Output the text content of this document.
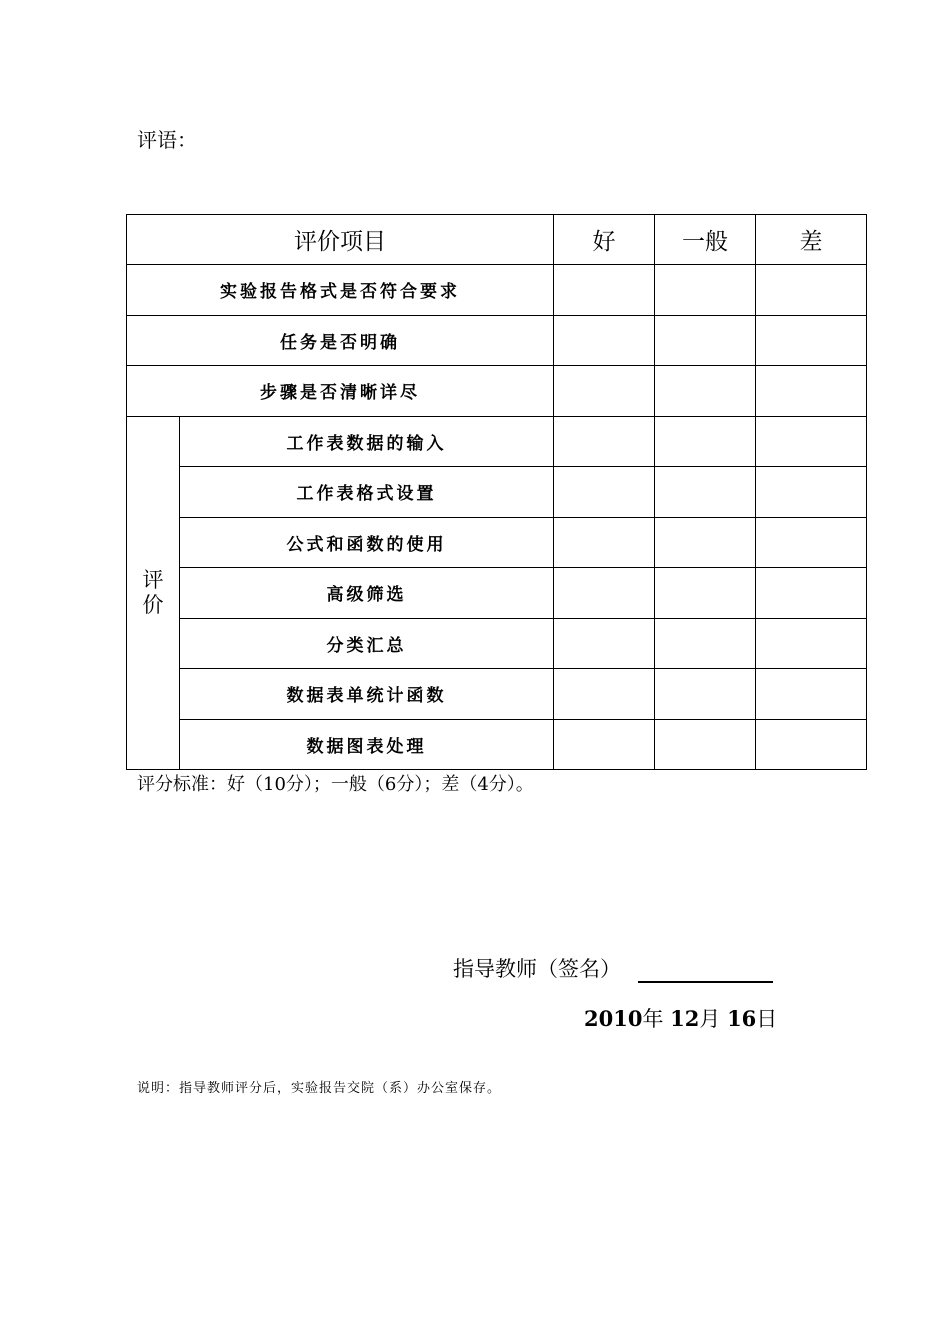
评语：
评价项目		好	一般	差
实验报告格式是否符合要求				
任务是否明确				
步骤是否清晰详尽				

评
价	工作表数据的输入			
	工作表格式设置			
	公式和函数的使用			
	高级筛选			
	分类汇总			
	数据表单统计函数			
	数据图表处理			
评分标准：好（10分）；一般（6分）；差（4分）。
指导教师（签名）
2010年 12月 16日
说明：指导教师评分后，实验报告交院（系）办公室保存。
